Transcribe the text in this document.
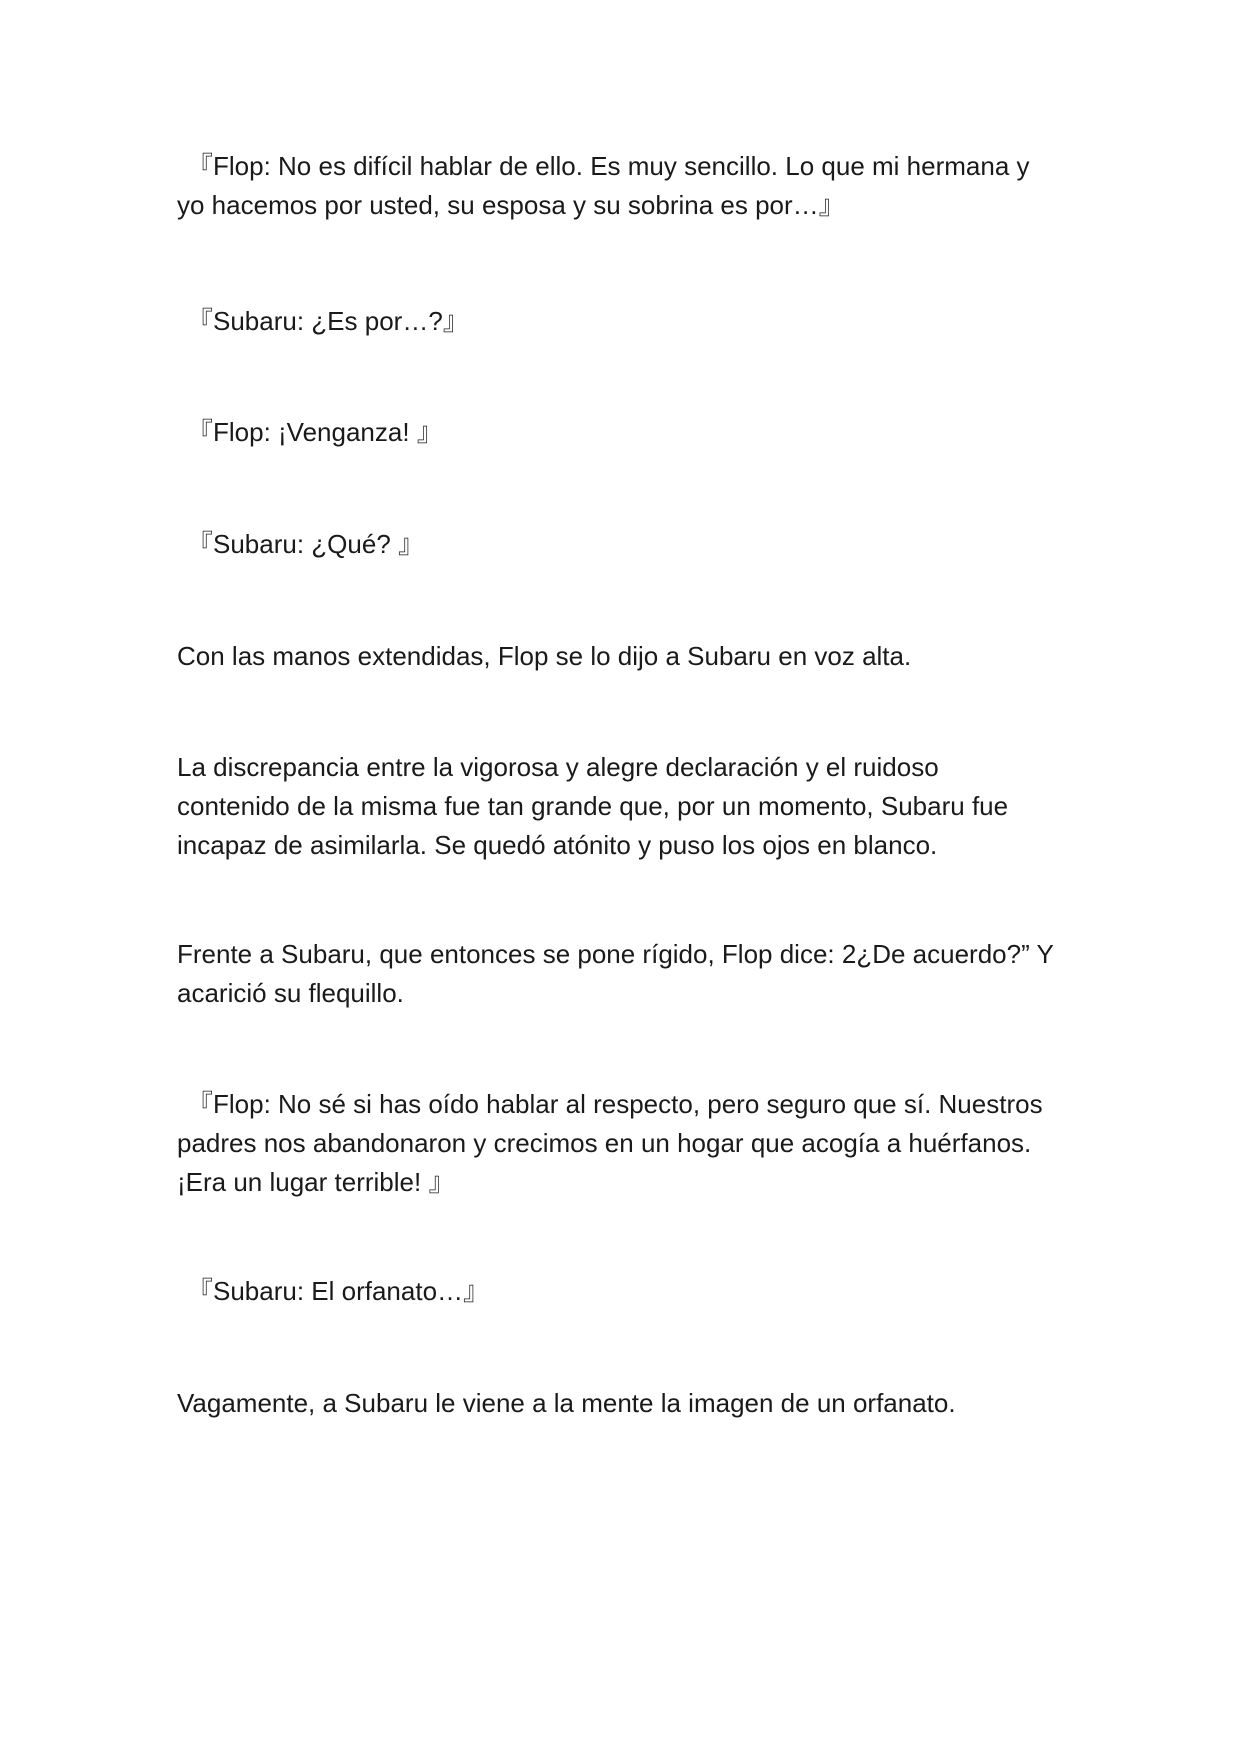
『Flop: No es difícil hablar de ello. Es muy sencillo. Lo que mi hermana y
yo hacemos por usted, su esposa y su sobrina es por…』

『Subaru: ¿Es por…?』

『Flop: ¡Venganza! 』

『Subaru: ¿Qué? 』

Con las manos extendidas, Flop se lo dijo a Subaru en voz alta.

La discrepancia entre la vigorosa y alegre declaración y el ruidoso
contenido de la misma fue tan grande que, por un momento, Subaru fue
incapaz de asimilarla. Se quedó atónito y puso los ojos en blanco.

Frente a Subaru, que entonces se pone rígido, Flop dice: 2¿De acuerdo?” Y
acarició su flequillo.

『Flop: No sé si has oído hablar al respecto, pero seguro que sí. Nuestros
padres nos abandonaron y crecimos en un hogar que acogía a huérfanos.
¡Era un lugar terrible! 』

『Subaru: El orfanato…』

Vagamente, a Subaru le viene a la mente la imagen de un orfanato.
